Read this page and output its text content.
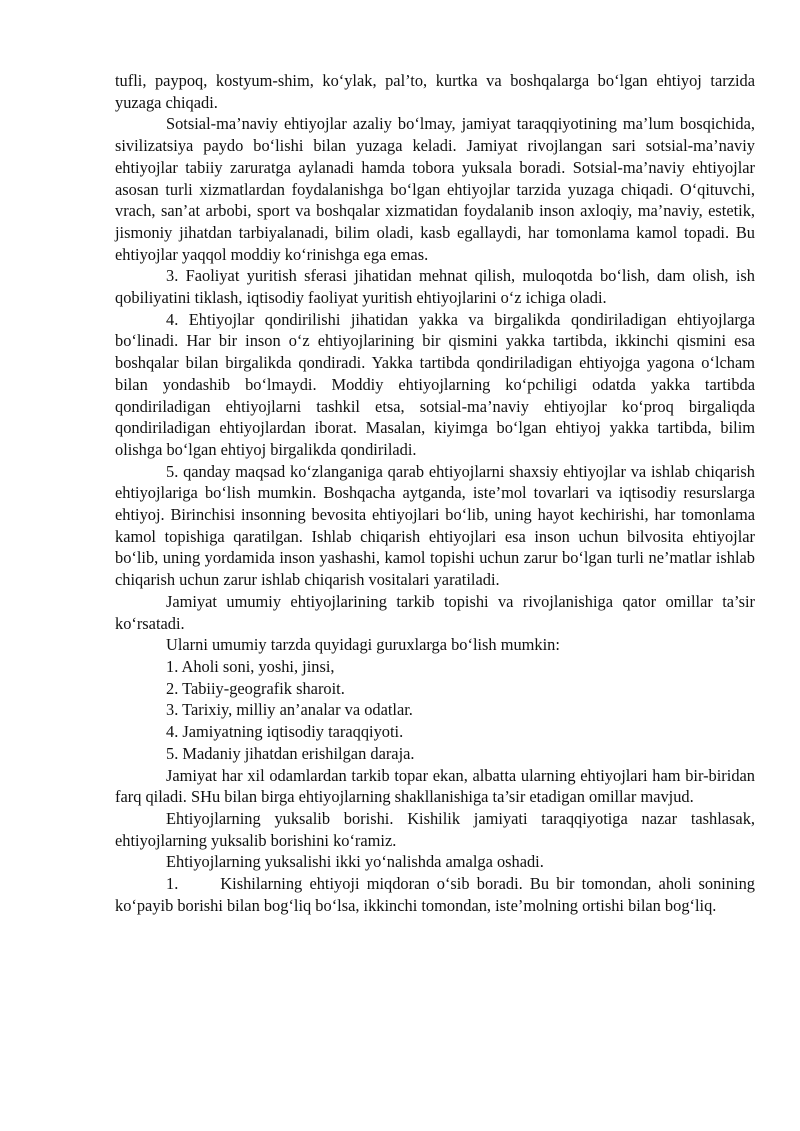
tufli, paypoq, kostyum-shim, ko‘ylak, pal’to, kurtka va boshqalarga bo‘lgan ehtiyoj tarzida yuzaga chiqadi.

Sotsial-ma’naviy ehtiyojlar azaliy bo‘lmay, jamiyat taraqqiyotining ma’lum bosqichida, sivilizatsiya paydo bo‘lishi bilan yuzaga keladi. Jamiyat rivojlangan sari sotsial-ma’naviy ehtiyojlar tabiiy zaruratga aylanadi hamda tobora yuksala boradi. Sotsial-ma’naviy ehtiyojlar asosan turli xizmatlardan foydalanishga bo‘lgan ehtiyojlar tarzida yuzaga chiqadi. O‘qituvchi, vrach, san’at arbobi, sport va boshqalar xizmatidan foydalanib inson axloqiy, ma’naviy, estetik, jismoniy jihatdan tarbiyalanadi, bilim oladi, kasb egallaydi, har tomonlama kamol topadi. Bu ehtiyojlar yaqqol moddiy ko‘rinishga ega emas.

3. Faoliyat yuritish sferasi jihatidan mehnat qilish, muloqotda bo‘lish, dam olish, ish qobiliyatini tiklash, iqtisodiy faoliyat yuritish ehtiyojlarini o‘z ichiga oladi.

4. Ehtiyojlar qondirilishi jihatidan yakka va birgalikda qondiriladigan ehtiyojlarga bo‘linadi. Har bir inson o‘z ehtiyojlarining bir qismini yakka tartibda, ikkinchi qismini esa boshqalar bilan birgalikda qondiradi. Yakka tartibda qondiriladigan ehtiyojga yagona o‘lcham bilan yondashib bo‘lmaydi. Moddiy ehtiyojlarning ko‘pchiligi odatda yakka tartibda qondiriladigan ehtiyojlarni tashkil etsa, sotsial-ma’naviy ehtiyojlar ko‘proq birgaliqda qondiriladigan ehtiyojlardan iborat. Masalan, kiyimga bo‘lgan ehtiyoj yakka tartibda, bilim olishga bo‘lgan ehtiyoj birgalikda qondiriladi.

5. qanday maqsad ko‘zlanganiga qarab ehtiyojlarni shaxsiy ehtiyojlar va ishlab chiqarish ehtiyojlariga bo‘lish mumkin. Boshqacha aytganda, iste’mol tovarlari va iqtisodiy resurslarga ehtiyoj. Birinchisi insonning bevosita ehtiyojlari bo‘lib, uning hayot kechirishi, har tomonlama kamol topishiga qaratilgan. Ishlab chiqarish ehtiyojlari esa inson uchun bilvosita ehtiyojlar bo‘lib, uning yordamida inson yashashi, kamol topishi uchun zarur bo‘lgan turli ne’matlar ishlab chiqarish uchun zarur ishlab chiqarish vositalari yaratiladi.

Jamiyat umumiy ehtiyojlarining tarkib topishi va rivojlanishiga qator omillar ta’sir ko‘rsatadi.

Ularni umumiy tarzda quyidagi guruxlarga bo‘lish mumkin:

1. Aholi soni, yoshi, jinsi,

2. Tabiiy-geografik sharoit.

3. Tarixiy, milliy an’analar va odatlar.

4. Jamiyatning iqtisodiy taraqqiyoti.

5. Madaniy jihatdan erishilgan daraja.

Jamiyat har xil odamlardan tarkib topar ekan, albatta ularning ehtiyojlari ham bir-biridan farq qiladi. SHu bilan birga ehtiyojlarning shakllanishiga ta’sir etadigan omillar mavjud.

Ehtiyojlarning yuksalib borishi. Kishilik jamiyati taraqqiyotiga nazar tashlasak, ehtiyojlarning yuksalib borishini ko‘ramiz.

Ehtiyojlarning yuksalishi ikki yo‘nalishda amalga oshadi.

1.	Kishilarning ehtiyoji miqdoran o‘sib boradi. Bu bir tomondan, aholi sonining ko‘payib borishi bilan bog‘liq bo‘lsa, ikkinchi tomondan, iste’molning ortishi bilan bog‘liq.
